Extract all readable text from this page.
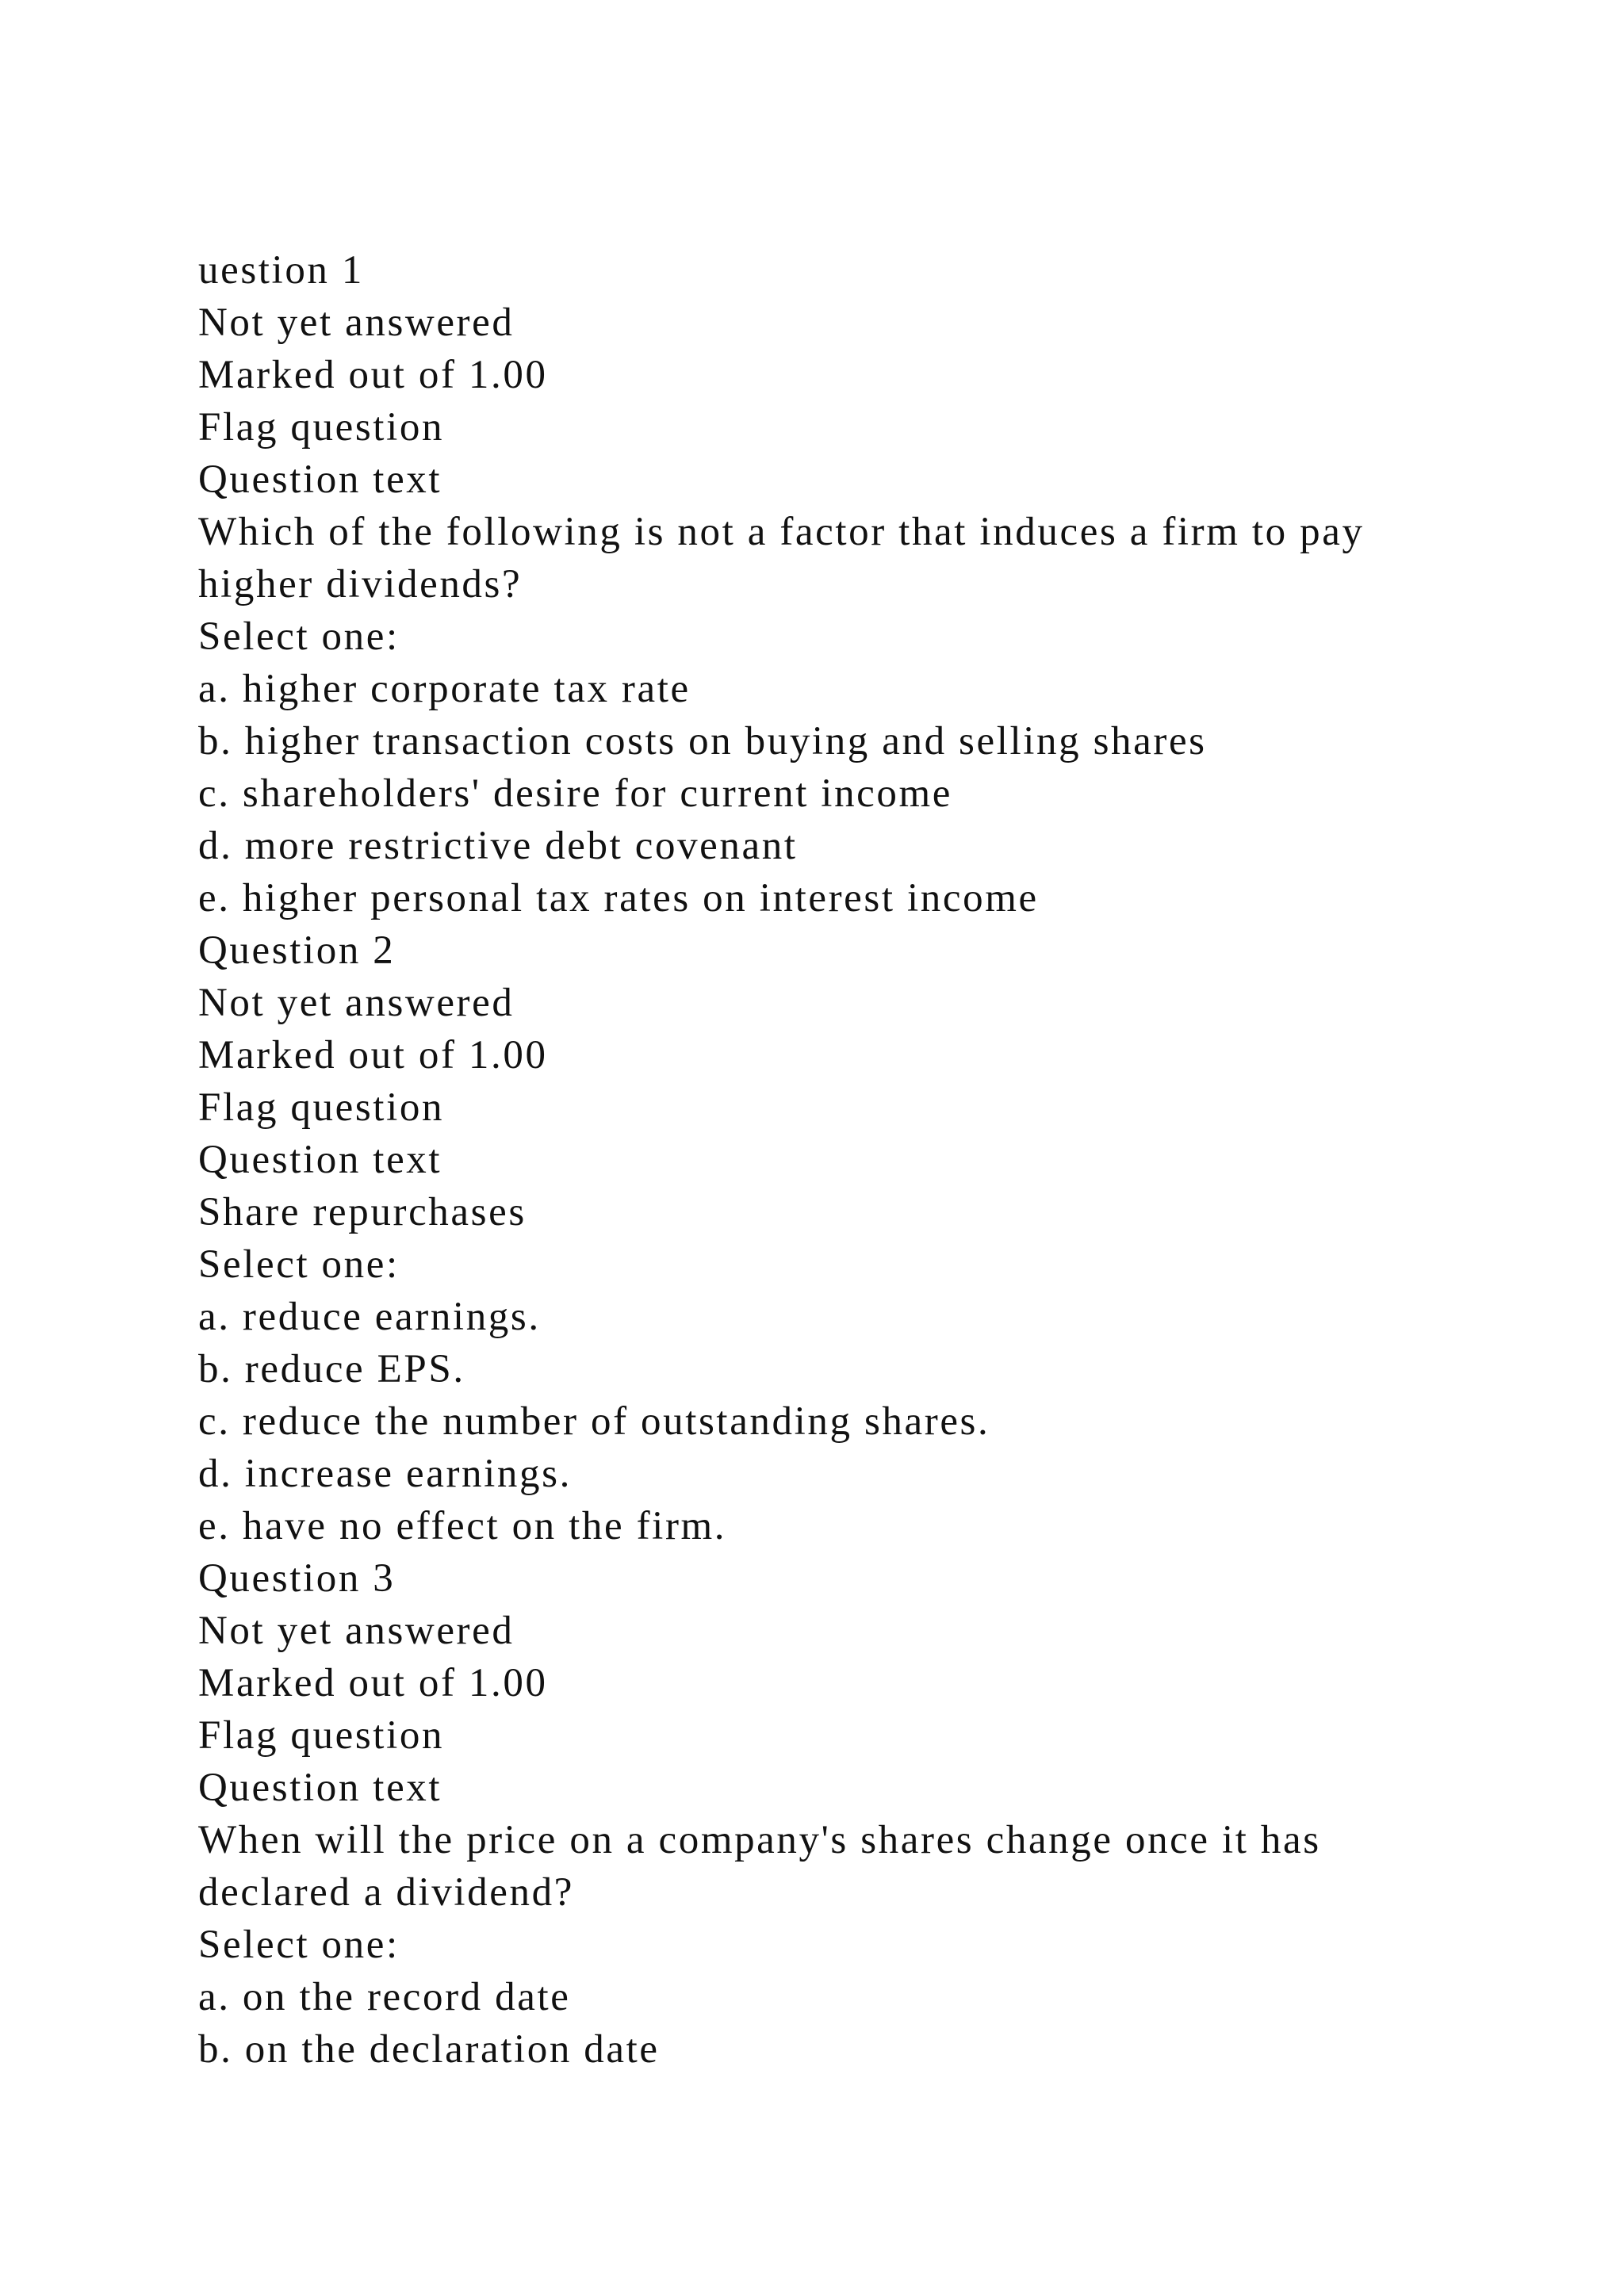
uestion 1
Not yet answered
Marked out of 1.00
Flag question
Question text
Which of the following is not a factor that induces a firm to pay
higher dividends?
Select one:
a. higher corporate tax rate
b. higher transaction costs on buying and selling shares
c. shareholders' desire for current income
d. more restrictive debt covenant
e. higher personal tax rates on interest income
Question 2
Not yet answered
Marked out of 1.00
Flag question
Question text
Share repurchases
Select one:
a. reduce earnings.
b. reduce EPS.
c. reduce the number of outstanding shares.
d. increase earnings.
e. have no effect on the firm.
Question 3
Not yet answered
Marked out of 1.00
Flag question
Question text
When will the price on a company's shares change once it has
declared a dividend?
Select one:
a. on the record date
b. on the declaration date
